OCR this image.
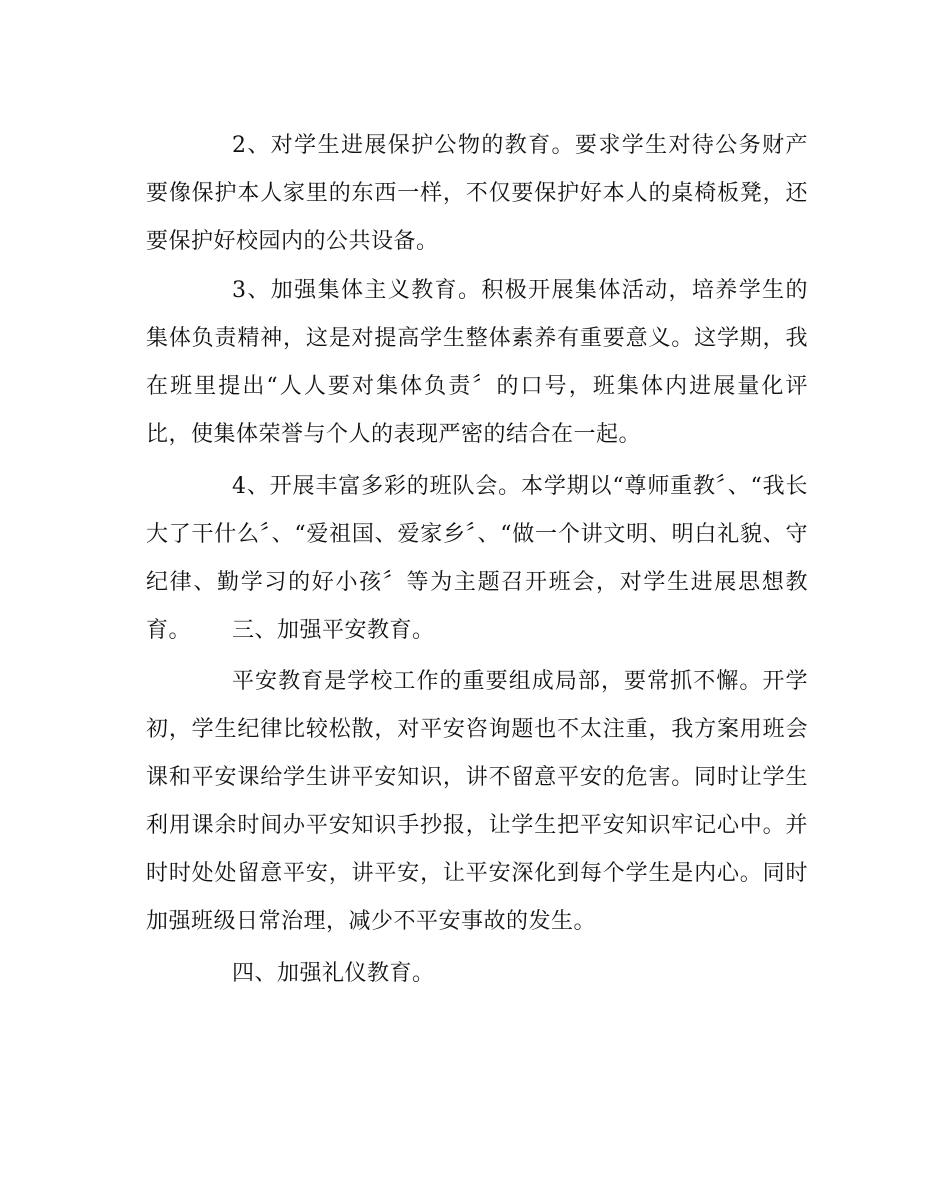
2、对学生进展保护公物的教育。要求学生对待公务财产要像保护本人家里的东西一样，不仅要保护好本人的桌椅板凳，还要保护好校园内的公共设备。

3、加强集体主义教育。积极开展集体活动，培养学生的集体负责精神，这是对提高学生整体素养有重要意义。这学期，我在班里提出“人人要对集体负责〞的口号，班集体内进展量化评比，使集体荣誉与个人的表现严密的结合在一起。

4、开展丰富多彩的班队会。本学期以“尊师重教〞、“我长大了干什么〞、“爱祖国、爱家乡〞、“做一个讲文明、明白礼貌、守纪律、勤学习的好小孩〞等为主题召开班会，对学生进展思想教育。	三、加强平安教育。

平安教育是学校工作的重要组成局部，要常抓不懈。开学初，学生纪律比较松散，对平安咨询题也不太注重，我方案用班会课和平安课给学生讲平安知识，讲不留意平安的危害。同时让学生利用课余时间办平安知识手抄报，让学生把平安知识牢记心中。并时时处处留意平安，讲平安，让平安深化到每个学生是内心。同时加强班级日常治理，减少不平安事故的发生。

四、加强礼仪教育。
